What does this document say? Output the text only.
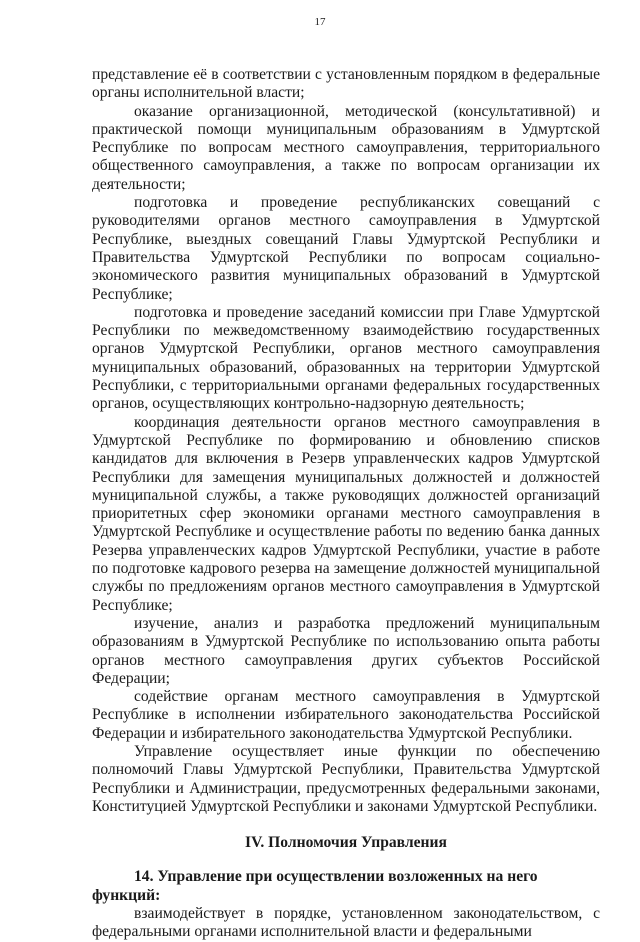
17

представление её в соответствии с установленным порядком в федеральные органы исполнительной власти;

оказание организационной, методической (консультативной) и практической помощи муниципальным образованиям в Удмуртской Республике по вопросам местного самоуправления, территориального общественного самоуправления, а также по вопросам организации их деятельности;

подготовка и проведение республиканских совещаний с руководителями органов местного самоуправления в Удмуртской Республике, выездных совещаний Главы Удмуртской Республики и Правительства Удмуртской Республики по вопросам социально-экономического развития муниципальных образований в Удмуртской Республике;

подготовка и проведение заседаний комиссии при Главе Удмуртской Республики по межведомственному взаимодействию государственных органов Удмуртской Республики, органов местного самоуправления муниципальных образований, образованных на территории Удмуртской Республики, с территориальными органами федеральных государственных органов, осуществляющих контрольно-надзорную деятельность;

координация деятельности органов местного самоуправления в Удмуртской Республике по формированию и обновлению списков кандидатов для включения в Резерв управленческих кадров Удмуртской Республики для замещения муниципальных должностей и должностей муниципальной службы, а также руководящих должностей организаций приоритетных сфер экономики органами местного самоуправления в Удмуртской Республике и осуществление работы по ведению банка данных Резерва управленческих кадров Удмуртской Республики, участие в работе по подготовке кадрового резерва на замещение должностей муниципальной службы по предложениям органов местного самоуправления в Удмуртской Республике;

изучение, анализ и разработка предложений муниципальным образованиям в Удмуртской Республике по использованию опыта работы органов местного самоуправления других субъектов Российской Федерации;

содействие органам местного самоуправления в Удмуртской Республике в исполнении избирательного законодательства Российской Федерации и избирательного законодательства Удмуртской Республики.

Управление осуществляет иные функции по обеспечению полномочий Главы Удмуртской Республики, Правительства Удмуртской Республики и Администрации, предусмотренных федеральными законами, Конституцией Удмуртской Республики и законами Удмуртской Республики.

IV. Полномочия Управления

14. Управление при осуществлении возложенных на него функций:

взаимодействует в порядке, установленном законодательством, с федеральными органами исполнительной власти и федеральными
